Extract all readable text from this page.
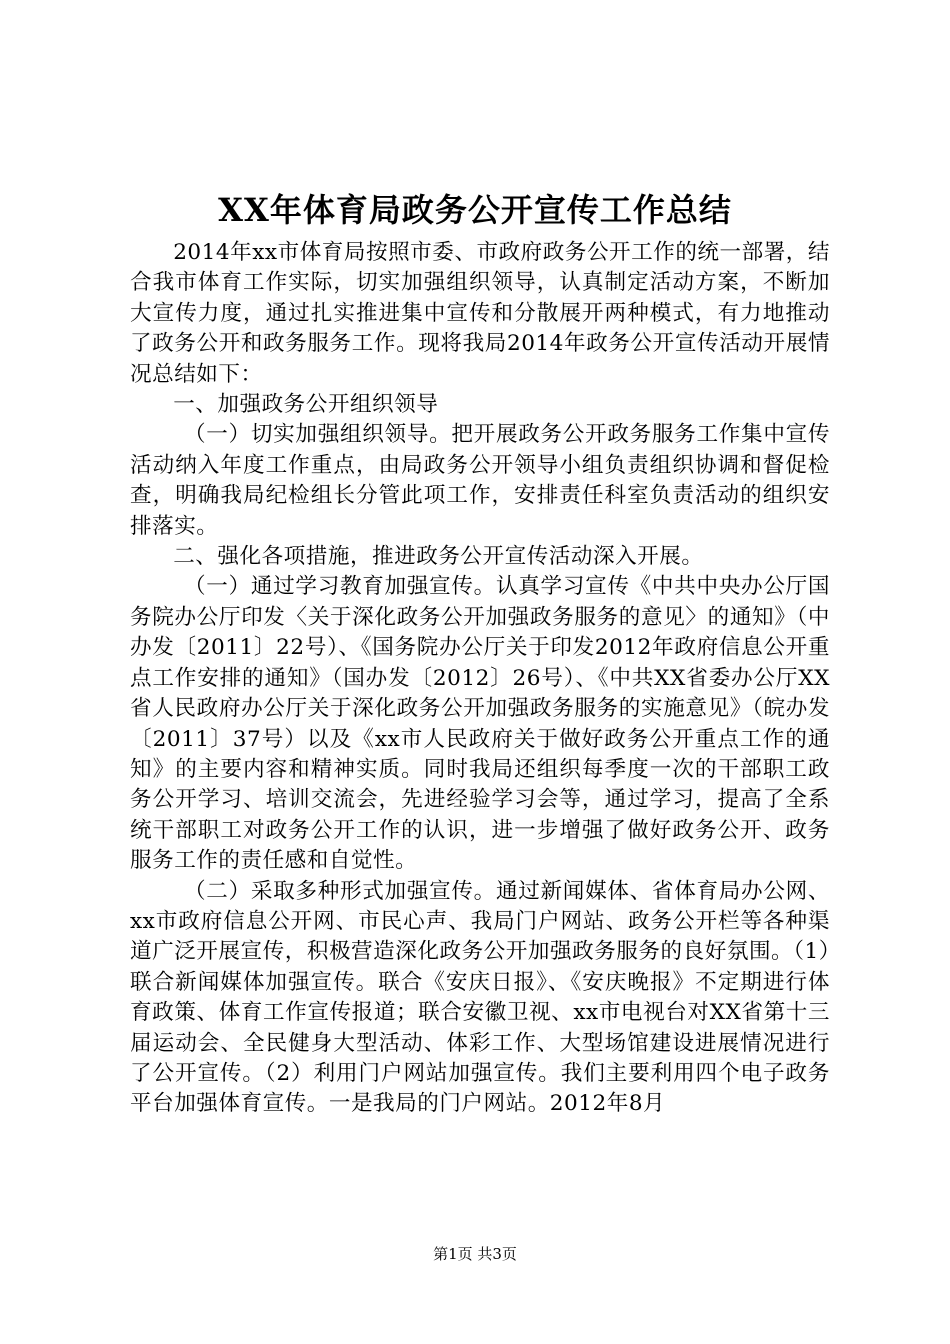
XX年体育局政务公开宣传工作总结

2014年xx市体育局按照市委、市政府政务公开工作的统一部署，结合我市体育工作实际，切实加强组织领导，认真制定活动方案，不断加大宣传力度，通过扎实推进集中宣传和分散展开两种模式，有力地推动了政务公开和政务服务工作。现将我局2014年政务公开宣传活动开展情况总结如下：

一、加强政务公开组织领导

（一）切实加强组织领导。把开展政务公开政务服务工作集中宣传活动纳入年度工作重点，由局政务公开领导小组负责组织协调和督促检查，明确我局纪检组长分管此项工作，安排责任科室负责活动的组织安排落实。

二、强化各项措施，推进政务公开宣传活动深入开展。

（一）通过学习教育加强宣传。认真学习宣传《中共中央办公厅国务院办公厅印发〈关于深化政务公开加强政务服务的意见〉的通知》（中办发〔2011〕22号）、《国务院办公厅关于印发2012年政府信息公开重点工作安排的通知》（国办发〔2012〕26号）、《中共XX省委办公厅XX省人民政府办公厅关于深化政务公开加强政务服务的实施意见》（皖办发〔2011〕37号）以及《xx市人民政府关于做好政务公开重点工作的通知》的主要内容和精神实质。同时我局还组织每季度一次的干部职工政务公开学习、培训交流会，先进经验学习会等，通过学习，提高了全系统干部职工对政务公开工作的认识，进一步增强了做好政务公开、政务服务工作的责任感和自觉性。

（二）采取多种形式加强宣传。通过新闻媒体、省体育局办公网、xx市政府信息公开网、市民心声、我局门户网站、政务公开栏等各种渠道广泛开展宣传，积极营造深化政务公开加强政务服务的良好氛围。（1）联合新闻媒体加强宣传。联合《安庆日报》、《安庆晚报》不定期进行体育政策、体育工作宣传报道；联合安徽卫视、xx市电视台对XX省第十三届运动会、全民健身大型活动、体彩工作、大型场馆建设进展情况进行了公开宣传。（2）利用门户网站加强宣传。我们主要利用四个电子政务平台加强体育宣传。一是我局的门户网站。2012年8月

第1页 共3页
